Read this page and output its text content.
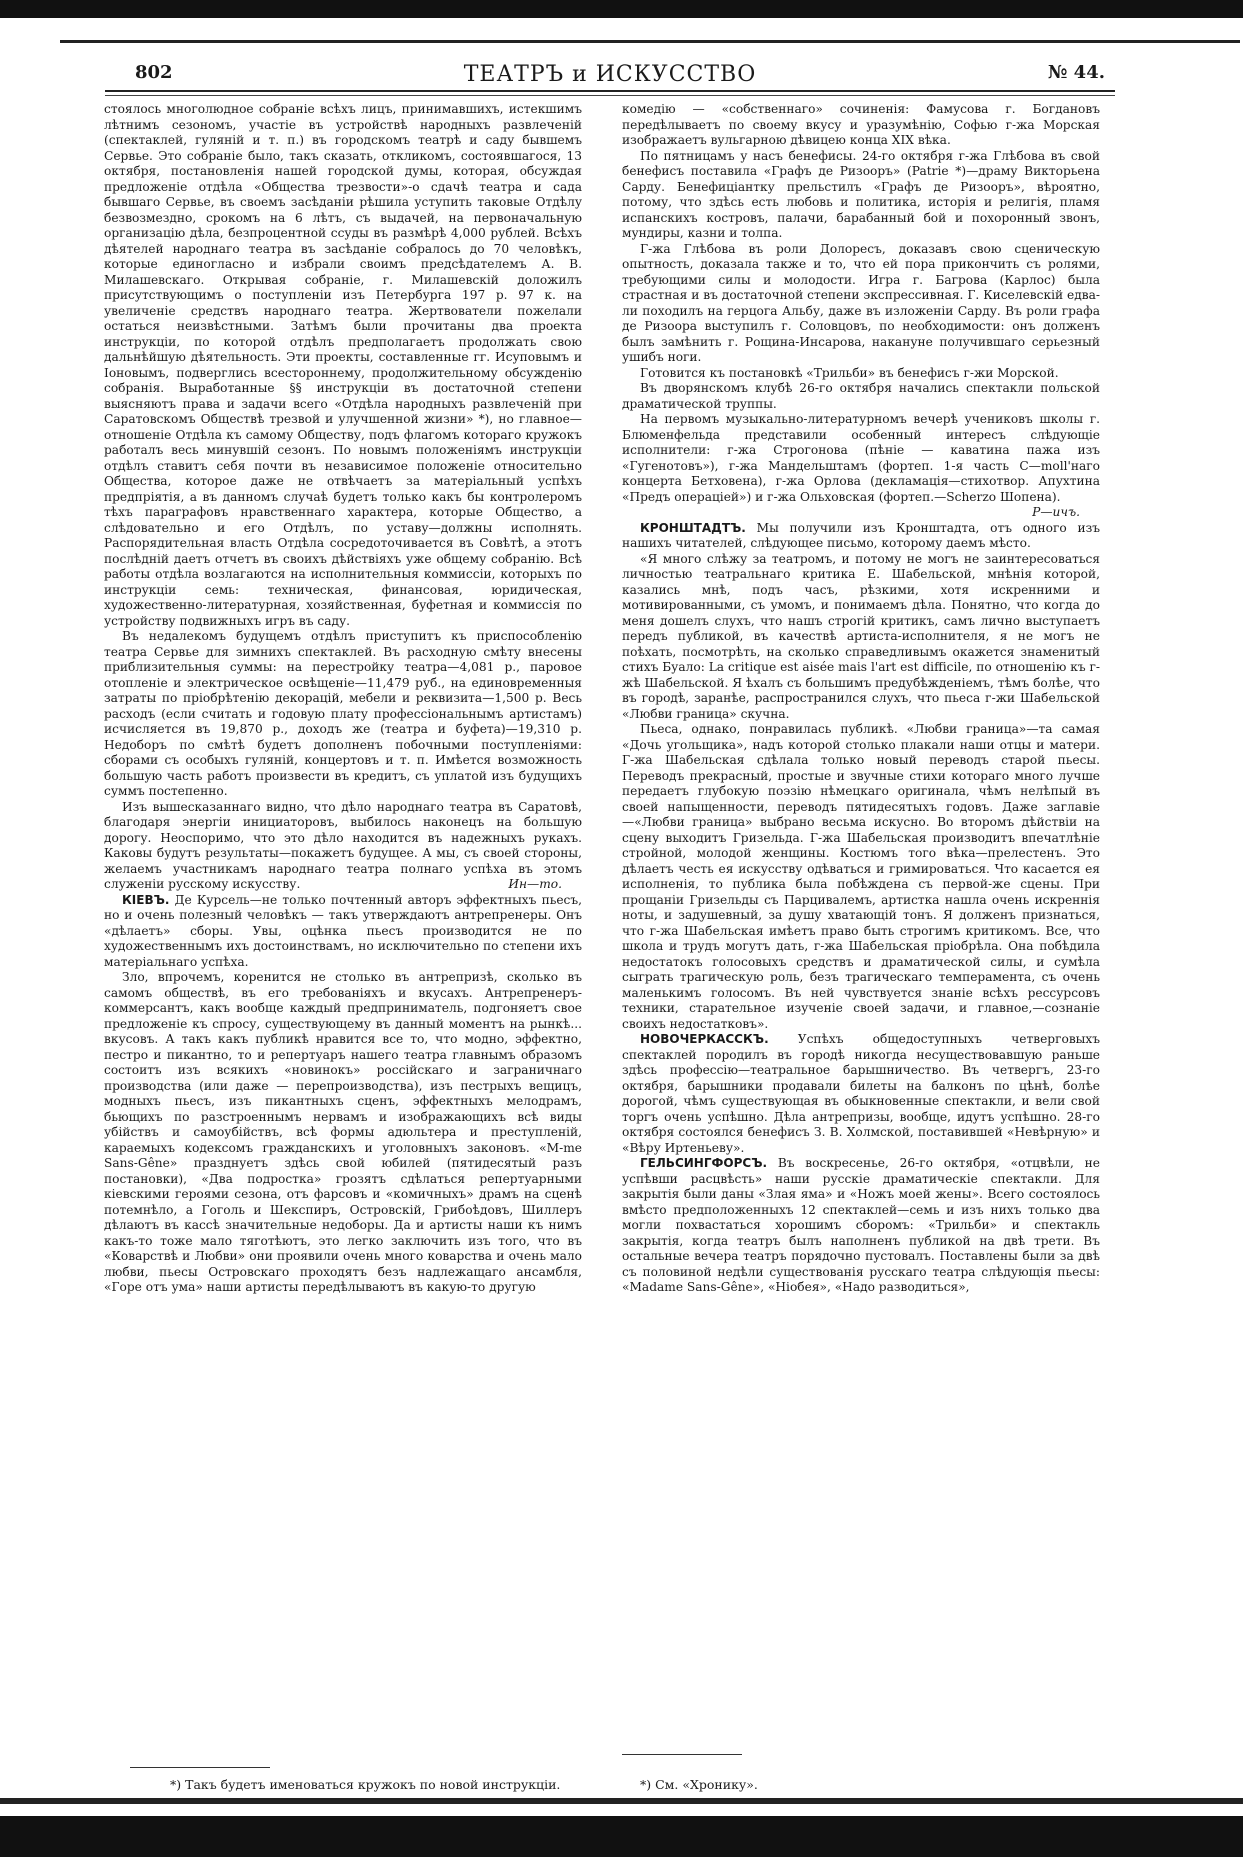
802	ТЕАТРЪ и ИСКУССТВО	№ 44.

стоялось многолюдное собранiе всѣхъ лицъ, принимавшихъ, истекшимъ лѣтнимъ сезономъ, участiе въ устройствѣ народныхъ развлеченiй (спектаклей, гулянiй и т. п.) въ городскомъ театрѣ и саду бывшемъ Сервье. Это собранiе было, такъ сказать, откликомъ, состоявшагося, 13 октября, постановленiя нашей городской думы, которая, обсуждая предложенiе отдѣла «Общества трезвости»-о сдачѣ театра и сада бывшаго Сервье, въ своемъ засѣданiи рѣшила уступить таковые Отдѣлу безвозмездно, срокомъ на 6 лѣтъ, съ выдачей, на первоначальную организацiю дѣла, безпроцентной ссуды въ размѣрѣ 4,000 рублей. Всѣхъ дѣятелей народнаго театра въ засѣданiе собралось до 70 человѣкъ, которые единогласно и избрали своимъ предсѣдателемъ А. В. Милашевскаго. Открывая собранiе, г. Милашевскiй доложилъ присутствующимъ о поступленiи изъ Петербурга 197 р. 97 к. на увеличенiе средствъ народнаго театра. Жертвователи пожелали остаться неизвѣстными. Затѣмъ были прочитаны два проекта инструкцiи, по которой отдѣлъ предполагаетъ продолжать свою дальнѣйшую дѣятельность. Эти проекты, составленные гг. Исуповымъ и Iоновымъ, подверглись всестороннему, продолжительному обсужденiю собранiя. Выработанные §§ инструкцiи въ достаточной степени выясняютъ права и задачи всего «Отдѣла народныхъ развлеченiй при Саратовскомъ Обществѣ трезвой и улучшенной жизни» *), но главное—отношенiе Отдѣла къ самому Обществу, подъ флагомъ котораго кружокъ работалъ весь минувшiй сезонъ. По новымъ положенiямъ инструкцiи отдѣлъ ставитъ себя почти въ независимое положенiе относительно Общества, которое даже не отвѣчаетъ за матерiальный успѣхъ предпрiятiя, а въ данномъ случаѣ будетъ только какъ бы контролеромъ тѣхъ параграфовъ нравственнаго характера, которые Общество, а слѣдовательно и его Отдѣлъ, по уставу—должны исполнять. Распорядительная власть Отдѣла сосредоточивается въ Совѣтѣ, а этотъ послѣднiй даетъ отчетъ въ своихъ дѣйствiяхъ уже общему собранiю. Всѣ работы отдѣла возлагаются на исполнительныя коммиссiи, которыхъ по инструкцiи семь: техническая, финансовая, юридическая, художественно-литературная, хозяйственная, буфетная и коммиссiя по устройству подвижныхъ игръ въ саду.

Въ недалекомъ будущемъ отдѣлъ приступитъ къ приспособленiю театра Сервье для зимнихъ спектаклей. Въ расходную смѣту внесены приблизительныя суммы: на перестройку театра—4,081 р., паровое отопленiе и электрическое освѣщенiе—11,479 руб., на единовременныя затраты по прiобрѣтенiю декорацiй, мебели и реквизита—1,500 р. Весь расходъ (если считать и годовую плату профессiональнымъ артистамъ) исчисляется въ 19,870 р., доходъ же (театра и буфета)—19,310 р. Недоборъ по смѣтѣ будетъ дополненъ побочными поступленiями: сборами съ особыхъ гулянiй, концертовъ и т. п. Имѣется возможность большую часть работъ произвести въ кредитъ, съ уплатой изъ будущихъ суммъ постепенно.

Изъ вышесказаннаго видно, что дѣло народнаго театра въ Саратовѣ, благодаря энергiи инициаторовъ, выбилось наконецъ на большую дорогу. Неоспоримо, что это дѣло находится въ надежныхъ рукахъ. Каковы будутъ результаты—покажетъ будущее. А мы, съ своей стороны, желаемъ участникамъ народнаго театра полнаго успѣха въ этомъ служенiи русскому искусству.	Ин—то.

КIЕВЪ. Де Курсель—не только почтенный авторъ эффектныхъ пьесъ, но и очень полезный человѣкъ — такъ утверждаютъ антрепренеры. Онъ «дѣлаетъ» сборы. Увы, оцѣнка пьесъ производится не по художественнымъ ихъ достоинствамъ, но исключительно по степени ихъ матерiальнаго успѣха.

Зло, впрочемъ, коренится не столько въ антрепризѣ, сколько въ самомъ обществѣ, въ его требованiяхъ и вкусахъ. Антрепренеръ-коммерсантъ, какъ вообще каждый предприниматель, подгоняетъ свое предложенiе къ спросу, существующему въ данный моментъ на рынкѣ... вкусовъ. А такъ какъ публикѣ нравится все то, что модно, эффектно, пестро и пикантно, то и репертуаръ нашего театра главнымъ образомъ состоитъ изъ всякихъ «новинокъ» россiйскаго и заграничнаго производства (или даже — перепроизводства), изъ пестрыхъ вещицъ, модныхъ пьесъ, изъ пикантныхъ сценъ, эффектныхъ мелодрамъ, бьющихъ по разстроеннымъ нервамъ и изображающихъ всѣ виды убiйствъ и самоубiйствъ, всѣ формы адюльтера и преступленiй, караемыхъ кодексомъ гражданскихъ и уголовныхъ законовъ. «M-me Sans-Gêne» празднуетъ здѣсь свой юбилей (пятидесятый разъ постановки), «Два подростка» грозятъ сдѣлаться репертуарными кiевскими героями сезона, отъ фарсовъ и «комичныхъ» драмъ на сценѣ потемнѣло, а Гоголь и Шекспиръ, Островскiй, Грибоѣдовъ, Шиллеръ дѣлаютъ въ кассѣ значительные недоборы. Да и артисты наши къ нимъ какъ-то тоже мало тяготѣютъ, это легко заключить изъ того, что въ «Коварствѣ и Любви» они проявили очень много коварства и очень мало любви, пьесы Островскаго проходятъ безъ надлежащаго ансамбля, «Горе отъ ума» наши артисты передѣлываютъ въ какую-то другую

*) Такъ будетъ именоваться кружокъ по новой инструкцiи.

комедiю — «собственнаго» сочиненiя: Фамусова г. Богдановъ передѣлываетъ по своему вкусу и уразумѣнiю, Софью г-жа Морская изображаетъ вульгарною дѣвицею конца XIX вѣка.

По пятницамъ у насъ бенефисы. 24-го октября г-жа Глѣбова въ свой бенефисъ поставила «Графъ де Ризооръ» (Patrie *)—драму Викторьена Сарду. Бенефицiантку прельстилъ «Графъ де Ризооръ», вѣроятно, потому, что здѣсь есть любовь и политика, исторiя и религiя, пламя испанскихъ костровъ, палачи, барабанный бой и похоронный звонъ, мундиры, казни и толпа.

Г-жа Глѣбова въ роли Долоресъ, доказавъ свою сценическую опытность, доказала также и то, что ей пора прикончить съ ролями, требующими силы и молодости. Игра г. Багрова (Карлос) была страстная и въ достаточной степени экспрессивная. Г. Киселевскiй едва-ли походилъ на герцога Альбу, даже въ изложенiи Сарду. Въ роли графа де Ризоора выступилъ г. Соловцовъ, по необходимости: онъ долженъ былъ замѣнить г. Рощина-Инсарова, накануне получившаго серьезный ушибъ ноги.

Готовится къ постановкѣ «Трильби» въ бенефисъ г-жи Морской.

Въ дворянскомъ клубѣ 26-го октября начались спектакли польской драматической труппы.

На первомъ музыкально-литературномъ вечерѣ учениковъ школы г. Блюменфельда представили особенный интересъ слѣдующiе исполнители: г-жа Строгонова (пѣнiе — каватина пажа изъ «Гугенотовъ»), г-жа Мандельштамъ (фортеп. 1-я часть C—moll'наго концерта Бетховена), г-жа Орлова (декламацiя—стихотвор. Апухтина «Предъ операцiей») и г-жа Ольховская (фортеп.—Scherzo Шопена).
Р—ичъ.

КРОНШТАДТЪ. Мы получили изъ Кронштадта, отъ одного изъ нашихъ читателей, слѣдующее письмо, которому даемъ мѣсто.

«Я много слѣжу за театромъ, и потому не могъ не заинтересоваться личностью театральнаго критика Е. Шабельской, мнѣнiя которой, казались мнѣ, подъ часъ, рѣзкими, хотя искренними и мотивированными, съ умомъ, и понимаемъ дѣла. Понятно, что когда до меня дошелъ слухъ, что нашъ строгiй критикъ, самъ лично выступаетъ передъ публикой, въ качествѣ артиста-исполнителя, я не могъ не поѣхать, посмотрѣть, на сколько справедливымъ окажется знаменитый стихъ Буало: La critique est aisée mais l'art est difficile, по отношенiю къ г-жѣ Шабельской. Я ѣхалъ съ большимъ предубѣжденiемъ, тѣмъ болѣе, что въ городѣ, заранѣе, распространился слухъ, что пьеса г-жи Шабельской «Любви граница» скучна.

Пьеса, однако, понравилась публикѣ. «Любви граница»—та самая «Дочь угольщика», надъ которой столько плакали наши отцы и матери. Г-жа Шабельская сдѣлала только новый переводъ старой пьесы. Переводъ прекрасный, простые и звучные стихи котораго много лучше передаетъ глубокую поэзiю нѣмецкаго оригинала, чѣмъ нелѣпый въ своей напыщенности, переводъ пятидесятыхъ годовъ. Даже заглавiе—«Любви граница» выбрано весьма искусно. Во второмъ дѣйствiи на сцену выходитъ Гризельда. Г-жа Шабельская производитъ впечатлѣнiе стройной, молодой женщины. Костюмъ того вѣка—прелестенъ. Это дѣлаетъ честь ея искусству одѣваться и гримироваться. Что касается ея исполненiя, то публика была побѣждена съ первой-же сцены. При прощанiи Гризельды съ Парцивалемъ, артистка нашла очень искреннiя ноты, и задушевный, за душу хватающiй тонъ. Я долженъ признаться, что г-жа Шабельская имѣетъ право быть строгимъ критикомъ. Все, что школа и трудъ могутъ дать, г-жа Шабельская прiобрѣла. Она побѣдила недостатокъ голосовыхъ средствъ и драматической силы, и сумѣла сыграть трагическую роль, безъ трагическаго темперамента, съ очень маленькимъ голосомъ. Въ ней чувствуется знанiе всѣхъ рессурсовъ техники, старательное изученiе своей задачи, и главное,—сознанiе своихъ недостатковъ».

НОВОЧЕРКАССКЪ. Успѣхъ общедоступныхъ четверговыхъ спектаклей породилъ въ городѣ никогда несуществовавшую раньше здѣсь профессiю—театральное барышничество. Въ четвергъ, 23-го октября, барышники продавали билеты на балконъ по цѣнѣ, болѣе дорогой, чѣмъ существующая въ обыкновенные спектакли, и вели свой торгъ очень успѣшно. Дѣла антрепризы, вообще, идутъ успѣшно. 28-го октября состоялся бенефисъ З. В. Холмской, поставившей «Невѣрную» и «Вѣру Иртеньеву».

ГЕЛЬСИНГФОРСЪ. Въ воскресенье, 26-го октября, «отцвѣли, не успѣвши расцвѣсть» наши русскiе драматическiе спектакли. Для закрытiя были даны «Злая яма» и «Ножъ моей жены». Всего состоялось вмѣсто предположенныхъ 12 спектаклей—семь и изъ нихъ только два могли похвастаться хорошимъ сборомъ: «Трильби» и спектакль закрытiя, когда театръ былъ наполненъ публикой на двѣ трети. Въ остальные вечера театръ порядочно пустовалъ. Поставлены были за двѣ съ половиной недѣли существованiя русскаго театра слѣдующiя пьесы: «Madame Sans-Gêne», «Нiобея», «Надо разводиться»,

*) См. «Хронику».
